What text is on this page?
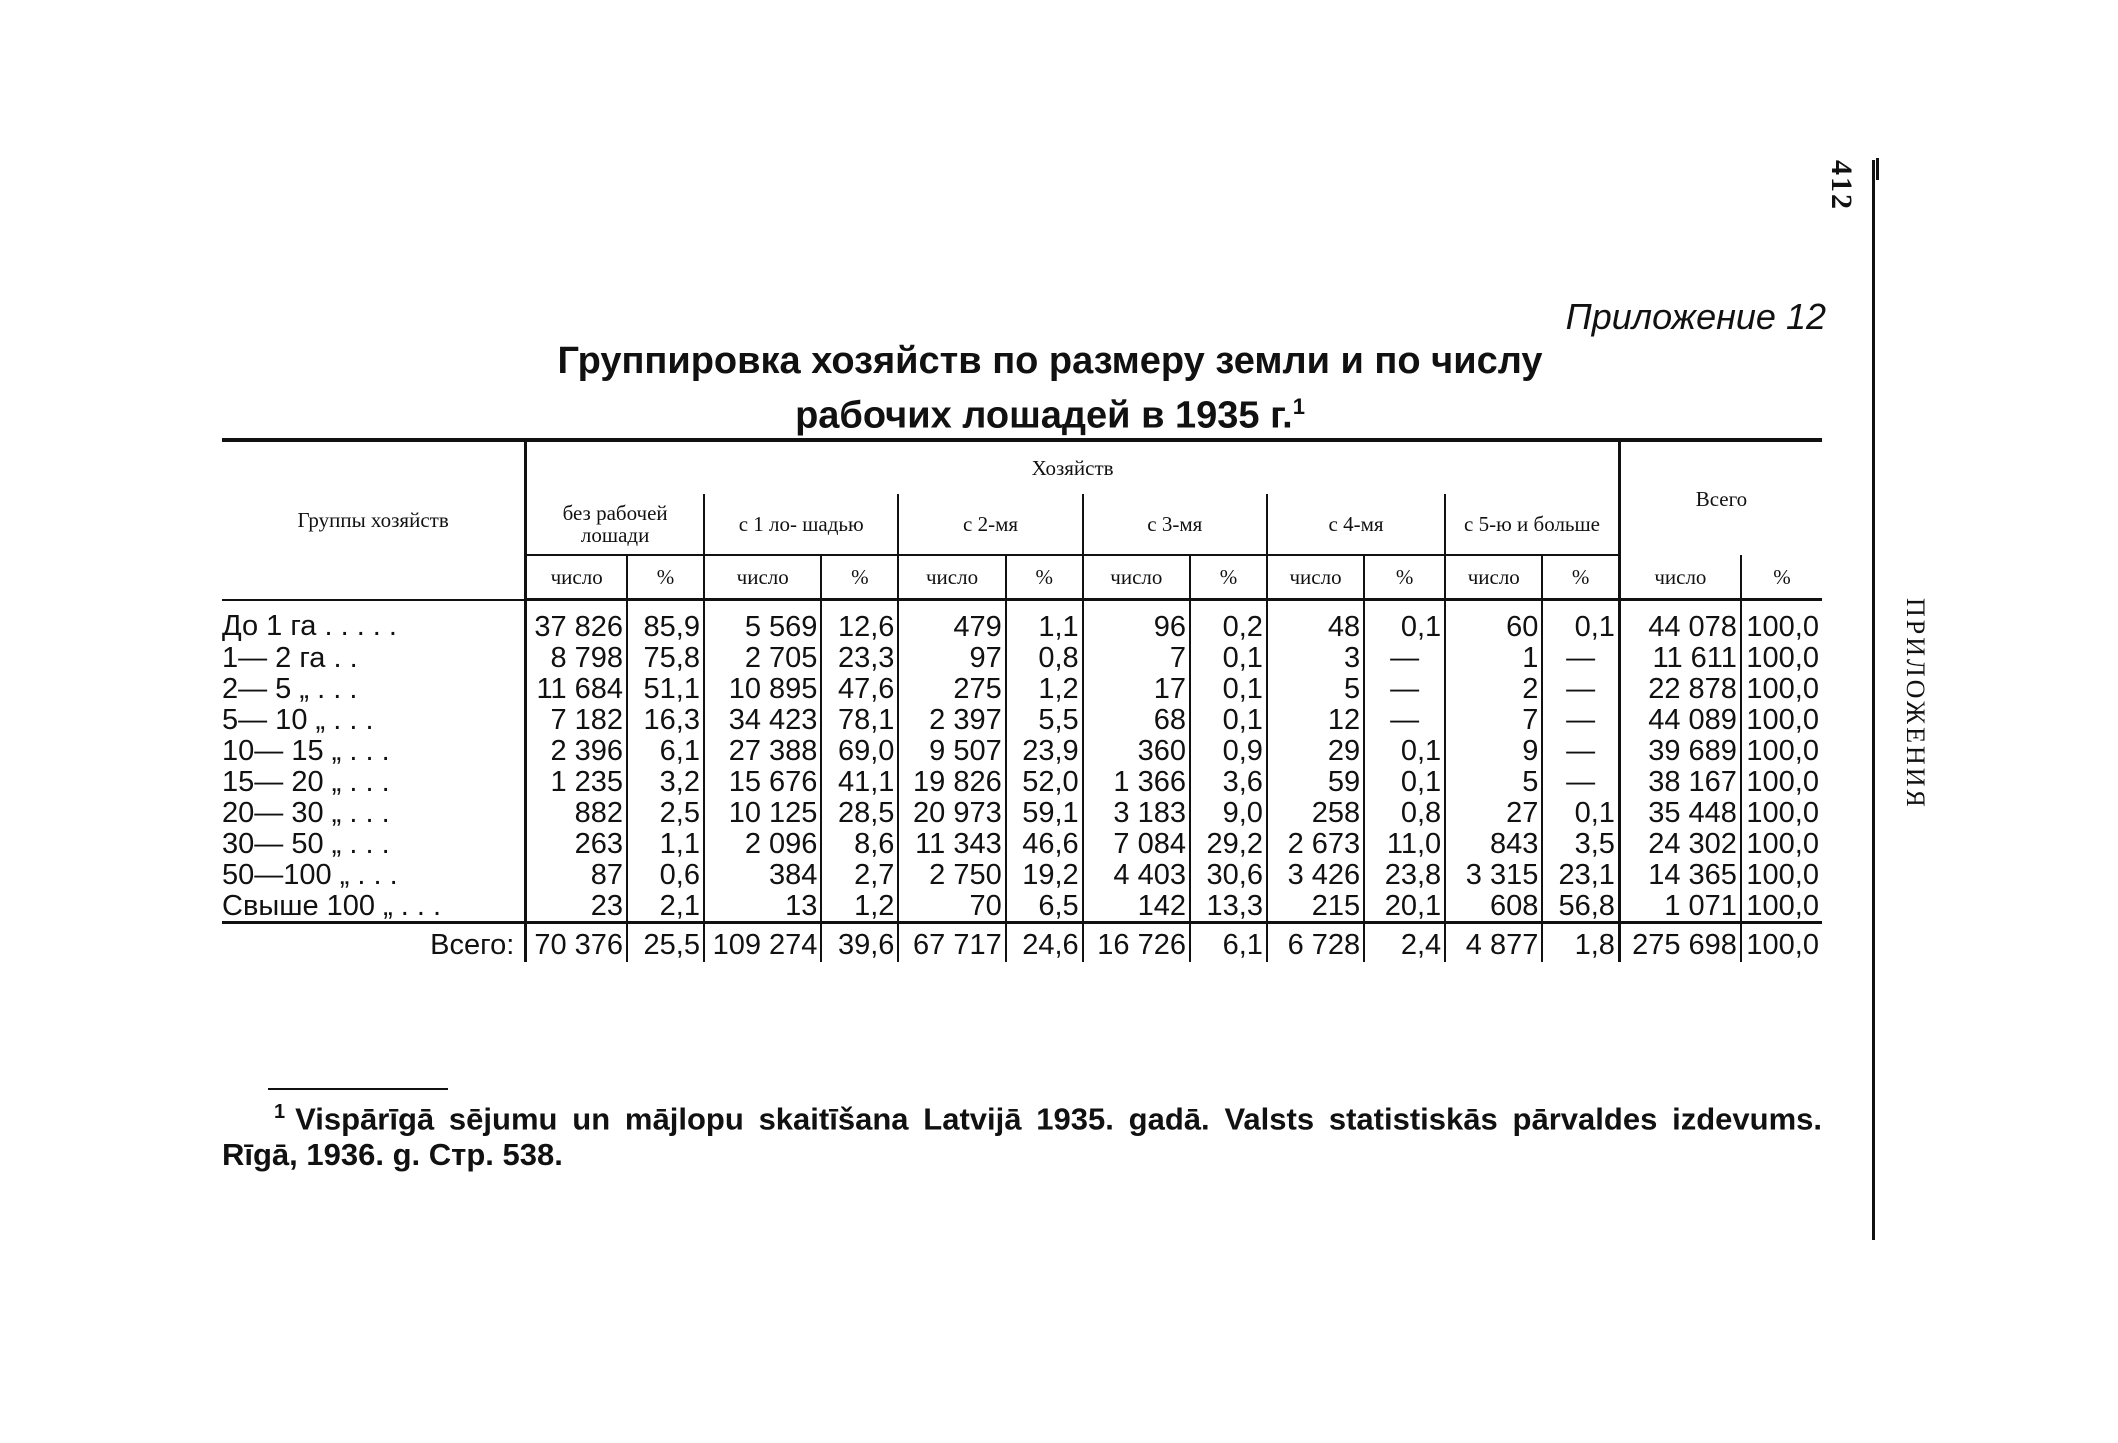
412
ПРИЛОЖЕНИЯ
Приложение 12
Группировка хозяйств по размеру земли и по числу
рабочих лошадей в 1935 г.$^1$
Группы хозяйств	Хозяйств												Всего	
	без рабочей лошади		с 1 ло- шадью		с 2-мя		с 3-мя		с 4-мя		с 5-ю и больше			
	число	%	число	%	число	%	число	%	число	%	число	%	число	%
До 1 га . . . . .	37 826	85,9	5 569	12,6	479	1,1	96	0,2	48	0,1	60	0,1	44 078	100,0
1— 2 га . .	8 798	75,8	2 705	23,3	97	0,8	7	0,1	3	—	1	—	11 611	100,0
2— 5 „ . . .	11 684	51,1	10 895	47,6	275	1,2	17	0,1	5	—	2	—	22 878	100,0
5— 10 „ . . .	7 182	16,3	34 423	78,1	2 397	5,5	68	0,1	12	—	7	—	44 089	100,0
10— 15 „ . . .	2 396	6,1	27 388	69,0	9 507	23,9	360	0,9	29	0,1	9	—	39 689	100,0
15— 20 „ . . .	1 235	3,2	15 676	41,1	19 826	52,0	1 366	3,6	59	0,1	5	—	38 167	100,0
20— 30 „ . . .	882	2,5	10 125	28,5	20 973	59,1	3 183	9,0	258	0,8	27	0,1	35 448	100,0
30— 50 „ . . .	263	1,1	2 096	8,6	11 343	46,6	7 084	29,2	2 673	11,0	843	3,5	24 302	100,0
50—100 „ . . .	87	0,6	384	2,7	2 750	19,2	4 403	30,6	3 426	23,8	3 315	23,1	14 365	100,0
Свыше 100 „ . . .	23	2,1	13	1,2	70	6,5	142	13,3	215	20,1	608	56,8	1 071	100,0
Всего:	70 376	25,5	109 274	39,6	67 717	24,6	16 726	6,1	6 728	2,4	4 877	1,8	275 698	100,0
$^1$ Vispārīgā sējumu un mājlopu skaitīšana Latvijā 1935. gadā. Valsts statistiskās pārvaldes izdevums. Rīgā, 1936. g. Стр. 538.
